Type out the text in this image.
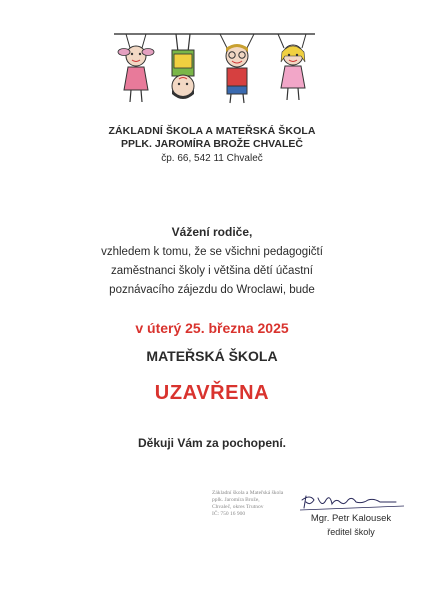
ZÁKLADNÍ ŠKOLA A MATEŘSKÁ ŠKOLA
PPLK. JAROMÍRA BROŽE CHVALEČ
čp. 66, 542 11 Chvaleč
Vážení rodiče,
vzhledem k tomu, že se všichni pedagogičtí
zaměstnanci školy i většina dětí účastní
poznávacího zájezdu do Wroclawi, bude
v úterý 25. března 2025
MATEŘSKÁ ŠKOLA
UZAVŘENA
Děkuji Vám za pochopení.
Základní škola a Mateřská škola
pplk. Jaromíra Brože,
Chvaleč, okres Trutnov
IČ: 750 16 900	Mgr. Petr Kalousek
ředitel školy
